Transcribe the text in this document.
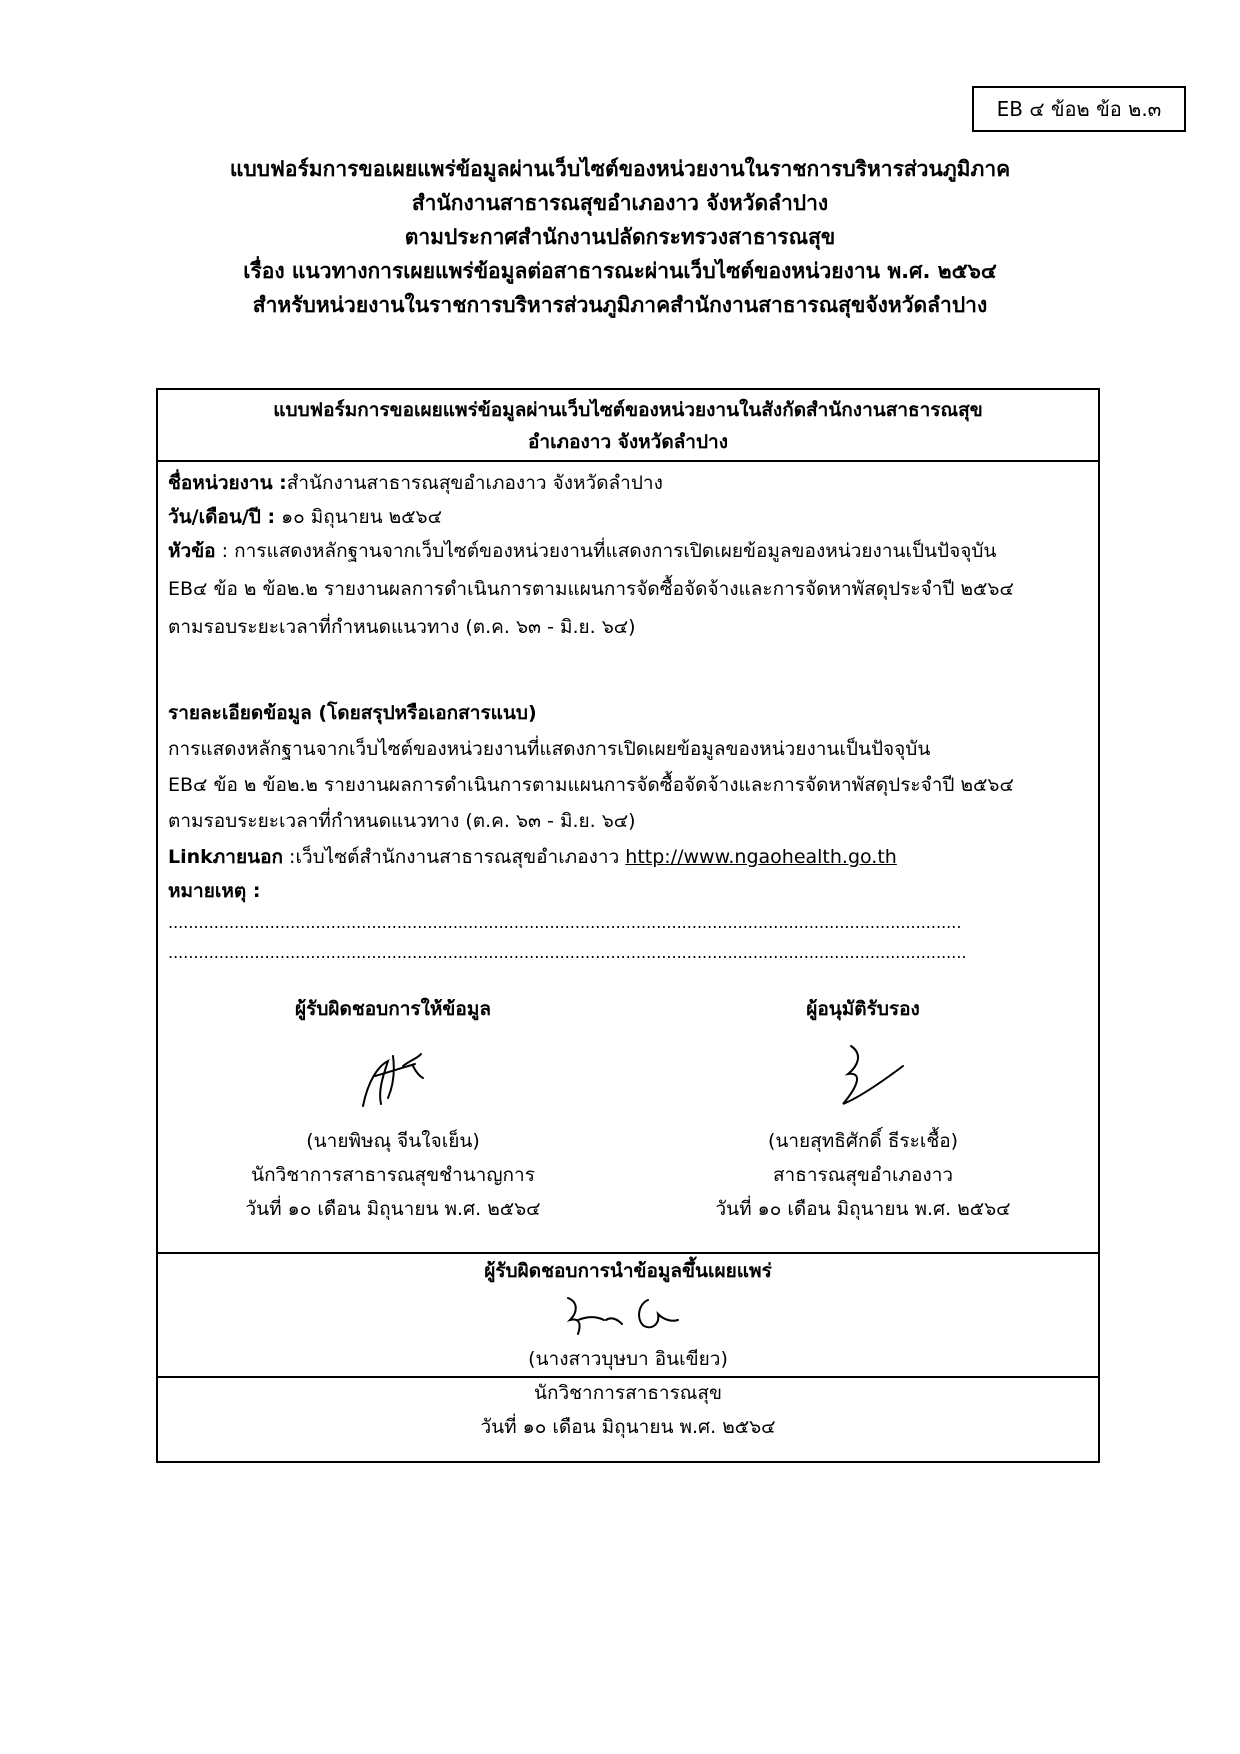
EB ๔ ข้อ๒ ข้อ ๒.๓
แบบฟอร์มการขอเผยแพร่ข้อมูลผ่านเว็บไซต์ของหน่วยงานในราชการบริหารส่วนภูมิภาค
สำนักงานสาธารณสุขอำเภองาว จังหวัดลำปาง
ตามประกาศสำนักงานปลัดกระทรวงสาธารณสุข
เรื่อง แนวทางการเผยแพร่ข้อมูลต่อสาธารณะผ่านเว็บไซต์ของหน่วยงาน พ.ศ. ๒๕๖๔
สำหรับหน่วยงานในราชการบริหารส่วนภูมิภาคสำนักงานสาธารณสุขจังหวัดลำปาง
แบบฟอร์มการขอเผยแพร่ข้อมูลผ่านเว็บไซต์ของหน่วยงานในสังกัดสำนักงานสาธารณสุข
อำเภองาว จังหวัดลำปาง
ชื่อหน่วยงาน :สำนักงานสาธารณสุขอำเภองาว จังหวัดลำปาง
วัน/เดือน/ปี : ๑๐ มิถุนายน ๒๕๖๔
หัวข้อ : การแสดงหลักฐานจากเว็บไซต์ของหน่วยงานที่แสดงการเปิดเผยข้อมูลของหน่วยงานเป็นปัจจุบัน
EB๔ ข้อ ๒ ข้อ๒.๒ รายงานผลการดำเนินการตามแผนการจัดซื้อจัดจ้างและการจัดหาพัสดุประจำปี ๒๕๖๔
ตามรอบระยะเวลาที่กำหนดแนวทาง (ต.ค. ๖๓ - มิ.ย. ๖๔)
รายละเอียดข้อมูล (โดยสรุปหรือเอกสารแนบ)
การแสดงหลักฐานจากเว็บไซต์ของหน่วยงานที่แสดงการเปิดเผยข้อมูลของหน่วยงานเป็นปัจจุบัน
EB๔ ข้อ ๒ ข้อ๒.๒ รายงานผลการดำเนินการตามแผนการจัดซื้อจัดจ้างและการจัดหาพัสดุประจำปี ๒๕๖๔
ตามรอบระยะเวลาที่กำหนดแนวทาง (ต.ค. ๖๓ - มิ.ย. ๖๔)
Linkภายนอก :เว็บไซต์สำนักงานสาธารณสุขอำเภองาว http://www.ngaohealth.go.th
หมายเหตุ :
............................................................................................................................................................
.............................................................................................................................................................
ผู้รับผิดชอบการให้ข้อมูล
(นายพิษณุ จีนใจเย็น)
นักวิชาการสาธารณสุขชำนาญการ
วันที่ ๑๐ เดือน มิถุนายน พ.ศ. ๒๕๖๔
ผู้อนุมัติรับรอง
(นายสุทธิศักดิ์ ธีระเชื้อ)
สาธารณสุขอำเภองาว
วันที่ ๑๐ เดือน มิถุนายน พ.ศ. ๒๕๖๔
ผู้รับผิดชอบการนำข้อมูลขึ้นเผยแพร่
(นางสาวบุษบา อินเขียว)
นักวิชาการสาธารณสุข
วันที่ ๑๐ เดือน มิถุนายน พ.ศ. ๒๕๖๔
